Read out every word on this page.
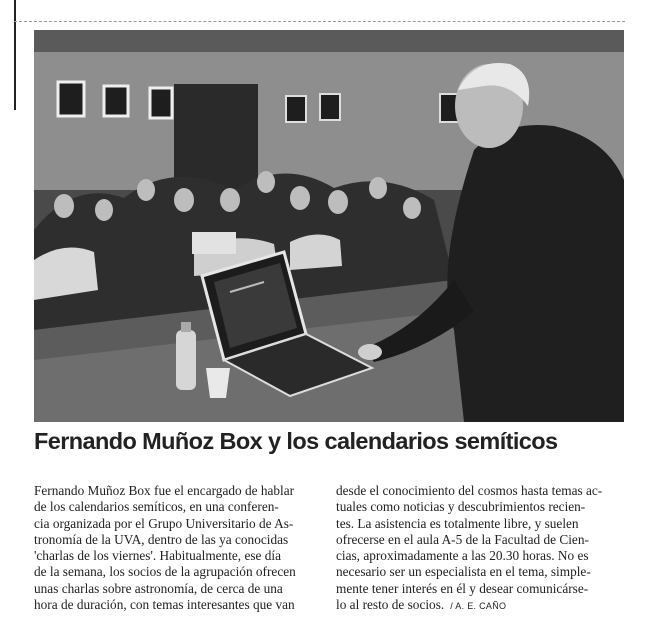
Fernando Muñoz Box y los calendarios semíticos
Fernando Muñoz Box fue el encargado de hablar
de los calendarios semíticos, en una conferen-
cia organizada por el Grupo Universitario de As-
tronomía de la UVA, dentro de las ya conocidas
'charlas de los viernes'. Habitualmente, ese día
de la semana, los socios de la agrupación ofrecen
unas charlas sobre astronomía, de cerca de una
hora de duración, con temas interesantes que van
desde el conocimiento del cosmos hasta temas ac-
tuales como noticias y descubrimientos recien-
tes. La asistencia es totalmente libre, y suelen
ofrecerse en el aula A-5 de la Facultad de Cien-
cias, aproximadamente a las 20.30 horas. No es
necesario ser un especialista en el tema, simple-
mente tener interés en él y desear comunicárse-
lo al resto de socios. / A. E. CAÑO
